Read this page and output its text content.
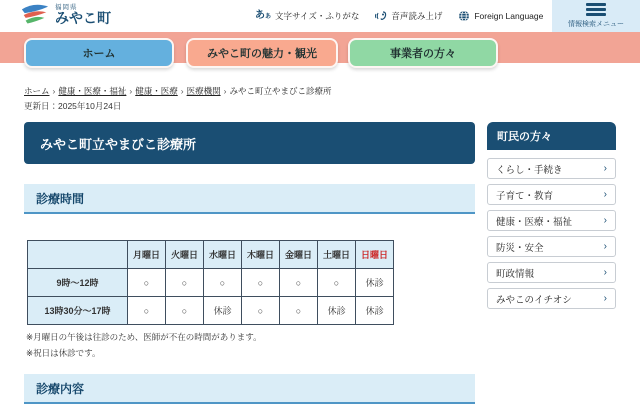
福岡県
みやこ町	ああ 文字サイズ・ふりがな	音声読み上げ	Foreign Language
情報検索メニュー
ホーム	みやこ町の魅力・観光	事業者の方々
ホーム › 健康・医療・福祉 › 健康・医療 › 医療機関 › みやこ町立やまびこ診療所
更新日：2025年10月24日
みやこ町立やまびこ診療所
診療時間
	月曜日	火曜日	水曜日	木曜日	金曜日	土曜日	日曜日
9時〜12時	○	○	○	○	○	○	休診
13時30分〜17時	○	○	休診	○	○	休診	休診
※月曜日の午後は往診のため、医師が不在の時間があります。
※祝日は休診です。
診療内容
町民の方々
くらし・手続き	›
子育て・教育	›
健康・医療・福祉	›
防災・安全	›
町政情報	›
みやこのイチオシ	›
